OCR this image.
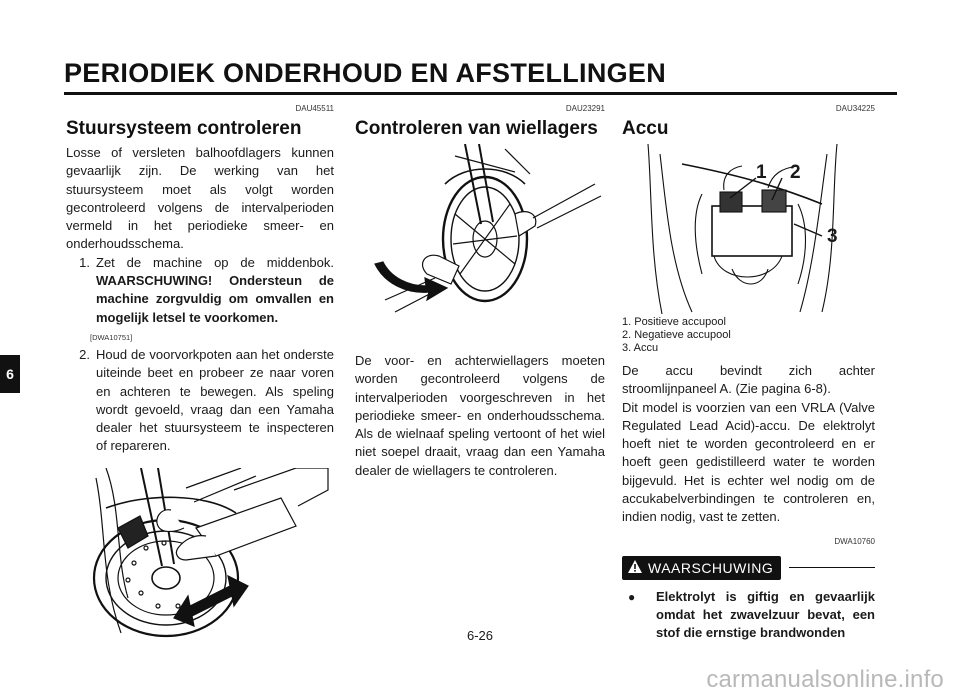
PERIODIEK ONDERHOUD EN AFSTELLINGEN
6
DAU45511
Stuursysteem controleren

Losse of versleten balhoofdlagers kunnen gevaarlijk zijn. De werking van het stuursysteem moet als volgt worden gecontroleerd volgens de intervalperioden vermeld in het periodieke smeer- en onderhoudsschema.

1. Zet de machine op de middenbok. WAARSCHUWING! Ondersteun de machine zorgvuldig om omvallen en mogelijk letsel te voorkomen.
[DWA10751]
2. Houd de voorvorkpoten aan het onderste uiteinde beet en probeer ze naar voren en achteren te bewegen. Als speling wordt gevoeld, vraag dan een Yamaha dealer het stuursysteem te inspecteren of repareren.
DAU23291
Controleren van wiellagers

De voor- en achterwiellagers moeten worden gecontroleerd volgens de intervalperioden voorgeschreven in het periodieke smeer- en onderhoudsschema. Als de wielnaaf speling vertoont of het wiel niet soepel draait, vraag dan een Yamaha dealer de wiellagers te controleren.

DAU34225
Accu
1 2
3
1. Positieve accupool
2. Negatieve accupool
3. Accu

De accu bevindt zich achter stroomlijnpaneel A. (Zie pagina 6-8).

Dit model is voorzien van een VRLA (Valve Regulated Lead Acid)-accu. De elektrolyt hoeft niet te worden gecontroleerd en er hoeft geen gedistilleerd water te worden bijgevuld. Het is echter wel nodig om de accukabelverbindingen te controleren en, indien nodig, vast te zetten.

DWA10760
WAARSCHUWING
●	Elektrolyt is giftig en gevaarlijk omdat het zwavelzuur bevat, een stof die ernstige brandwonden
6-26
carmanualsonline.info
